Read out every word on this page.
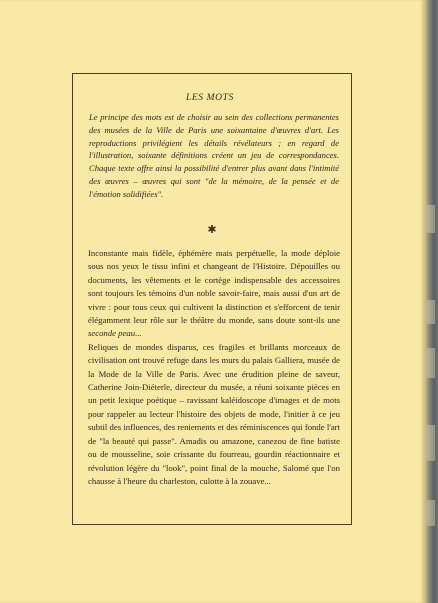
LES MOTS
Le principe des mots est de choisir au sein des collections permanentes des musées de la Ville de Paris une soixantaine d'œuvres d'art. Les reproductions privilégient les détails révélateurs ; en regard de l'illustration, soixante définitions créent un jeu de correspondances. Chaque texte offre ainsi la possibilité d'entrer plus avant dans l'intimité des œuvres – œuvres qui sont "de la mémoire, de la pensée et de l'émotion solidifiées".
✱

Inconstante mais fidèle, éphémère mais perpétuelle, la mode déploie sous nos yeux le tissu infini et changeant de l'Histoire. Dépouilles ou documents, les vêtements et le cortège indispensable des accessoires sont toujours les témoins d'un noble savoir-faire, mais aussi d'un art de vivre : pour tous ceux qui cultivent la distinction et s'efforcent de tenir élégamment leur rôle sur le théâtre du monde, sans doute sont-ils une seconde peau...

Reliques de mondes disparus, ces fragiles et brillants morceaux de civilisation ont trouvé refuge dans les murs du palais Galliera, musée de la Mode de la Ville de Paris. Avec une érudition pleine de saveur, Catherine Join-Diéterle, directeur du musée, a réuni soixante pièces en un petit lexique poétique – ravissant kaléidoscope d'images et de mots pour rappeler au lecteur l'histoire des objets de mode, l'initier à ce jeu subtil des influences, des reniements et des réminiscences qui fonde l'art de "la beauté qui passe". Amadis ou amazone, canezou de fine batiste ou de mousseline, soie crissante du fourreau, gourdin réactionnaire et révolution légère du "look", point final de la mouche, Salomé que l'on chausse à l'heure du charleston, culotte à la zouave...
